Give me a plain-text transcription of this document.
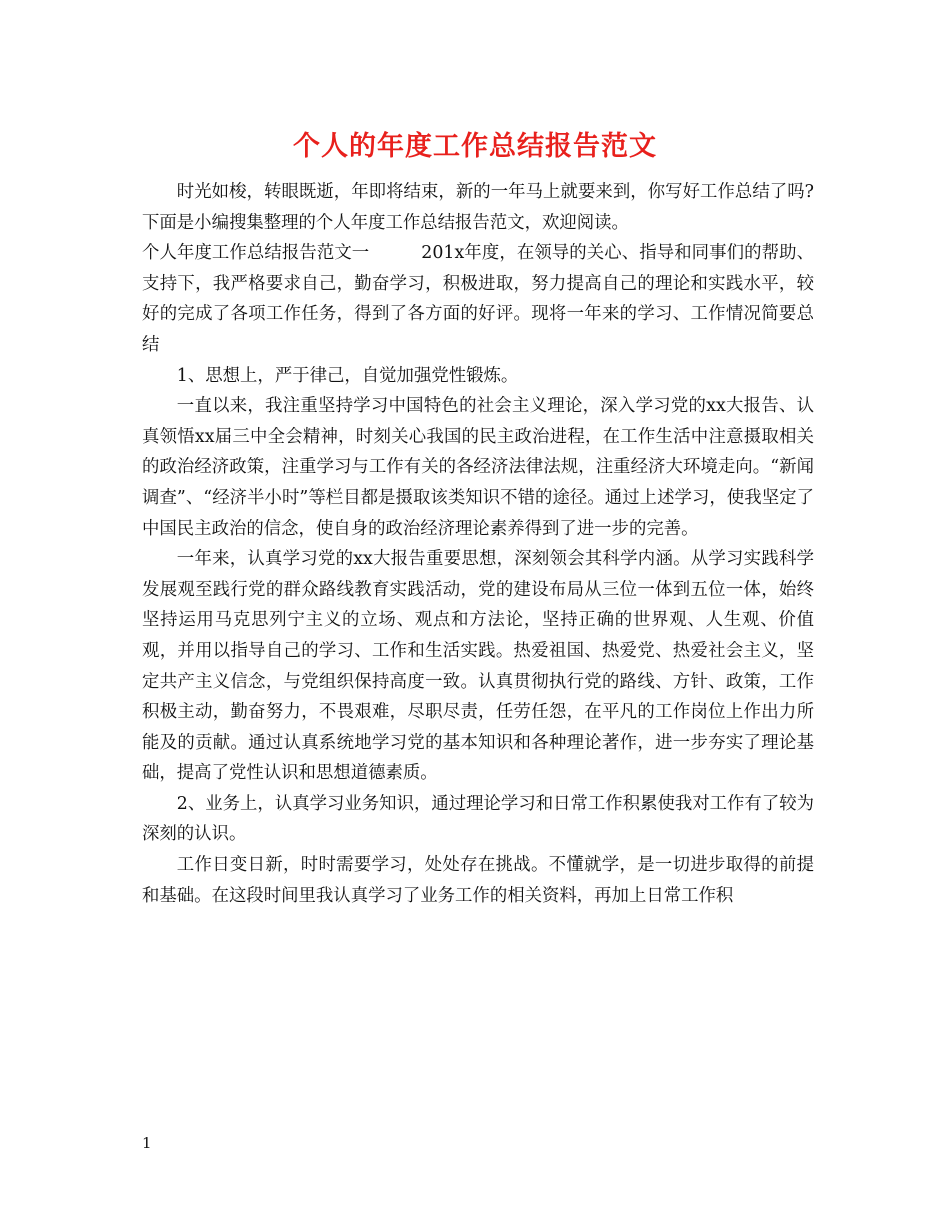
个人的年度工作总结报告范文

时光如梭，转眼既逝，年即将结束，新的一年马上就要来到，你写好工作总结了吗?下面是小编搜集整理的个人年度工作总结报告范文，欢迎阅读。

个人年度工作总结报告范文一	201x年度，在领导的关心、指导和同事们的帮助、支持下，我严格要求自己，勤奋学习，积极进取，努力提高自己的理论和实践水平，较好的完成了各项工作任务，得到了各方面的好评。现将一年来的学习、工作情况简要总结

1、思想上，严于律己，自觉加强党性锻炼。

一直以来，我注重坚持学习中国特色的社会主义理论，深入学习党的xx大报告、认真领悟xx届三中全会精神，时刻关心我国的民主政治进程，在工作生活中注意摄取相关的政治经济政策，注重学习与工作有关的各经济法律法规，注重经济大环境走向。“新闻调查”、“经济半小时”等栏目都是摄取该类知识不错的途径。通过上述学习，使我坚定了中国民主政治的信念，使自身的政治经济理论素养得到了进一步的完善。

一年来，认真学习党的xx大报告重要思想，深刻领会其科学内涵。从学习实践科学发展观至践行党的群众路线教育实践活动，党的建设布局从三位一体到五位一体，始终坚持运用马克思列宁主义的立场、观点和方法论，坚持正确的世界观、人生观、价值观，并用以指导自己的学习、工作和生活实践。热爱祖国、热爱党、热爱社会主义，坚定共产主义信念，与党组织保持高度一致。认真贯彻执行党的路线、方针、政策，工作积极主动，勤奋努力，不畏艰难，尽职尽责，任劳任怨，在平凡的工作岗位上作出力所能及的贡献。通过认真系统地学习党的基本知识和各种理论著作，进一步夯实了理论基础，提高了党性认识和思想道德素质。

2、业务上，认真学习业务知识，通过理论学习和日常工作积累使我对工作有了较为深刻的认识。

工作日变日新，时时需要学习，处处存在挑战。不懂就学，是一切进步取得的前提和基础。在这段时间里我认真学习了业务工作的相关资料，再加上日常工作积

1
